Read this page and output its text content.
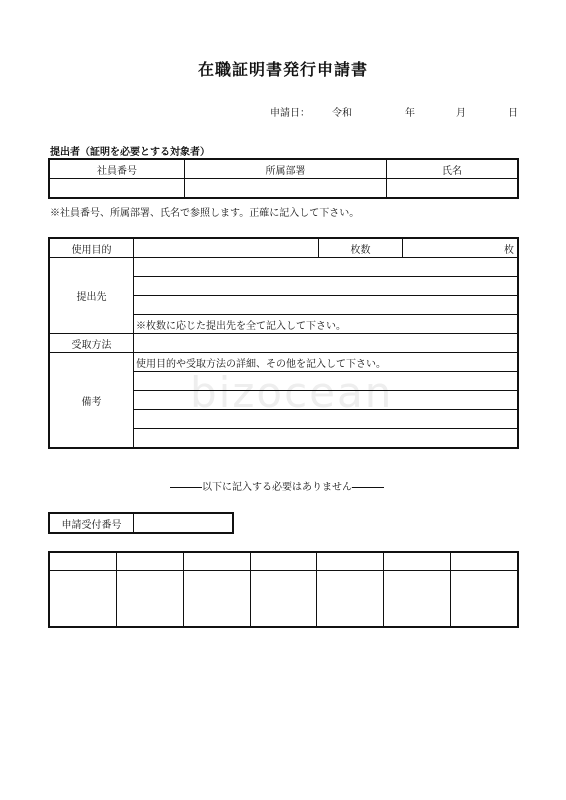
bizocean
在職証明書発行申請書
申請日： 令和	年	月	日
提出者（証明を必要とする対象者）
社員番号	所属部署	氏名

※社員番号、所属部署、氏名で参照します。正確に記入して下さい。
使用目的		枚数	枚
提出先			

	※枚数に応じた提出先を全て記入して下さい。		
受取方法			
備考	使用目的や受取方法の詳細、その他を記入して下さい。		

以下に記入する必要はありません
申請受付番号	
